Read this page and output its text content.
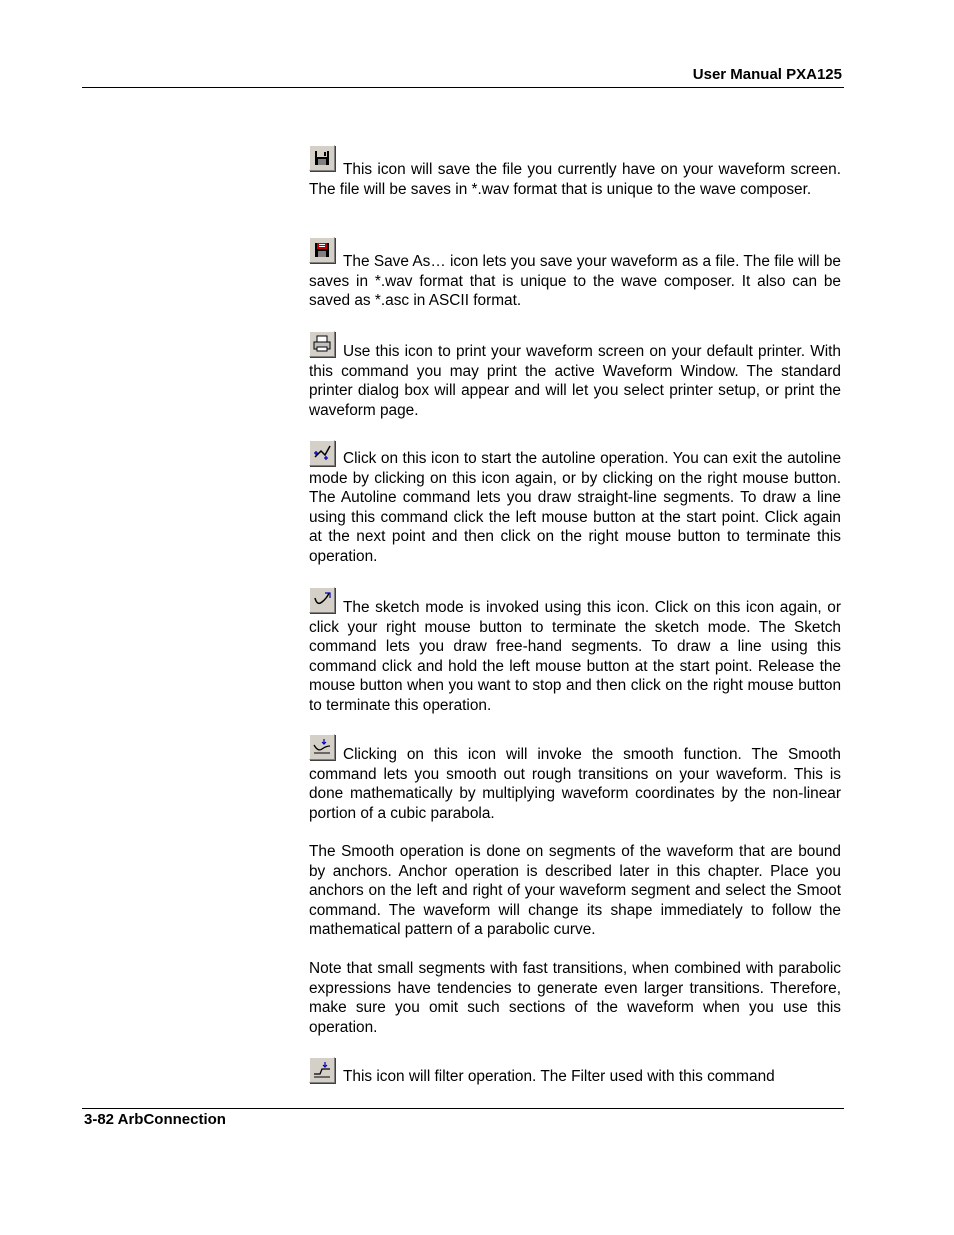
User Manual PXA125
This icon will save the file you currently have on your waveform screen. The file will be saves in *.wav format that is unique to the wave composer.
The Save As… icon lets you save your waveform as a file. The file will be saves in *.wav format that is unique to the wave composer. It also can be saved as *.asc in ASCII format.
Use this icon to print your waveform screen on your default printer. With this command you may print the active Waveform Window. The standard printer dialog box will appear and will let you select printer setup, or print the waveform page.
Click on this icon to start the autoline operation. You can exit the autoline mode by clicking on this icon again, or by clicking on the right mouse button. The Autoline command lets you draw straight-line segments. To draw a line using this command click the left mouse button at the start point. Click again at the next point and then click on the right mouse button to terminate this operation.
The sketch mode is invoked using this icon. Click on this icon again, or click your right mouse button to terminate the sketch mode. The Sketch command lets you draw free-hand segments. To draw a line using this command click and hold the left mouse button at the start point. Release the mouse button when you want to stop and then click on the right mouse button to terminate this operation.
Clicking on this icon will invoke the smooth function. The Smooth command lets you smooth out rough transitions on your waveform. This is done mathematically by multiplying waveform coordinates by the non-linear portion of a cubic parabola.
The Smooth operation is done on segments of the waveform that are bound by anchors. Anchor operation is described later in this chapter. Place you anchors on the left and right of your waveform segment and select the Smoot command. The waveform will change its shape immediately to follow the mathematical pattern of a parabolic curve.
Note that small segments with fast transitions, when combined with parabolic expressions have tendencies to generate even larger transitions. Therefore, make sure you omit such sections of the waveform when you use this operation.
This icon will filter operation. The Filter used with this command
3-82 ArbConnection
